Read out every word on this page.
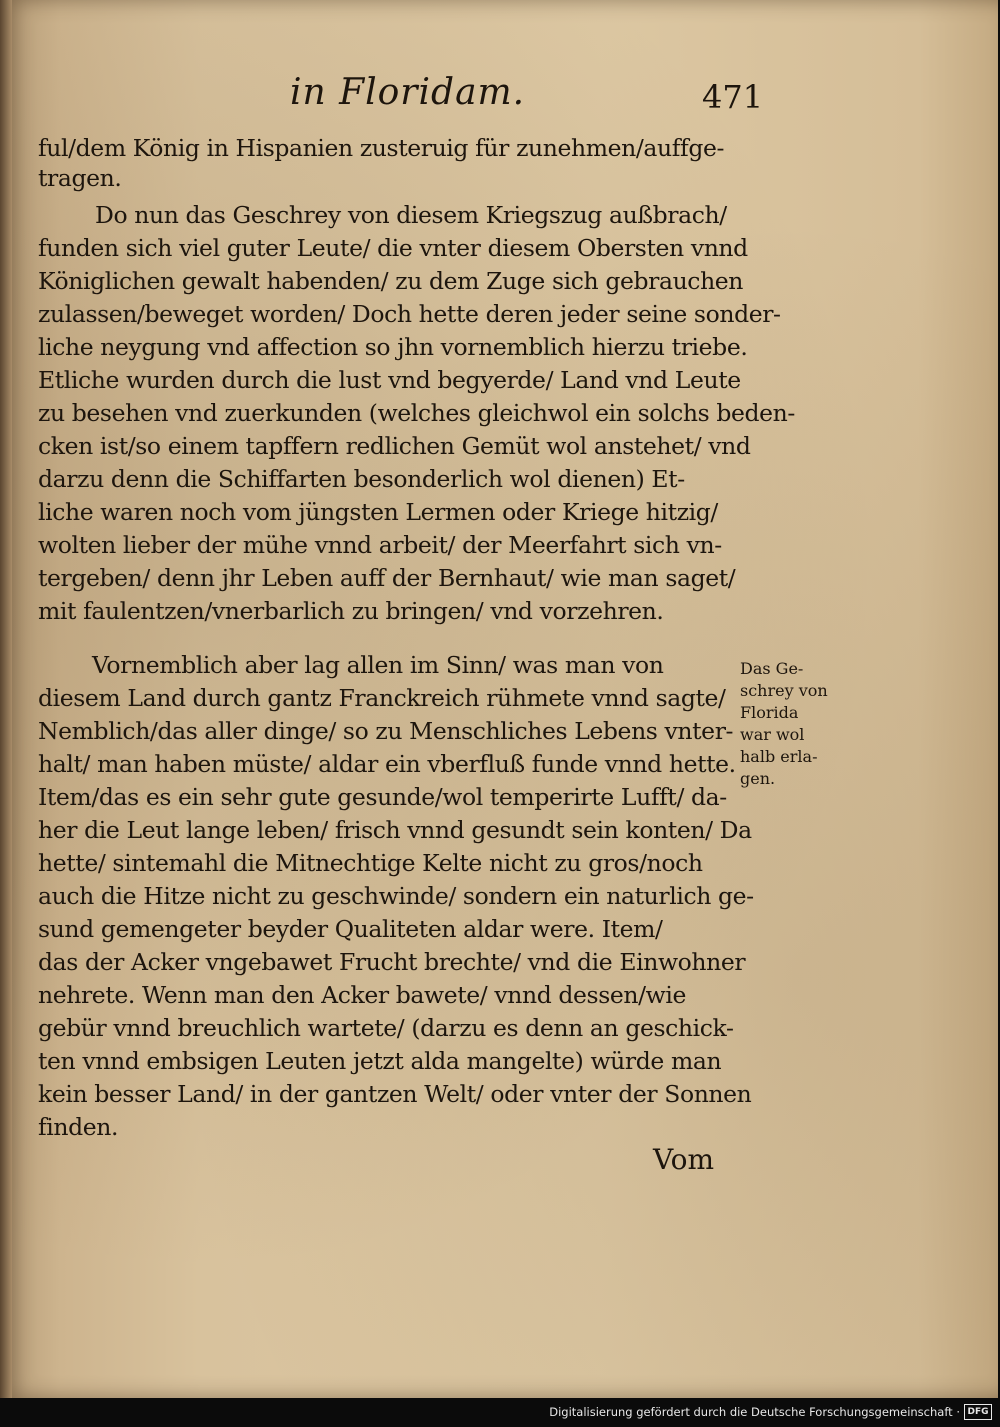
in Floridam.	471
ful/dem König in Hispanien zusteruig für zunehmen/auffge-
tragen.
Do nun das Geschrey von diesem Kriegszug außbrach/
funden sich viel guter Leute/ die vnter diesem Obersten vnnd
Königlichen gewalt habenden/ zu dem Zuge sich gebrauchen
zulassen/beweget worden/ Doch hette deren jeder seine sonder-
liche neygung vnd affection so jhn vornemblich hierzu triebe.
Etliche wurden durch die lust vnd begyerde/ Land vnd Leute
zu besehen vnd zuerkunden (welches gleichwol ein solchs beden-
cken ist/so einem tapffern redlichen Gemüt wol anstehet/ vnd
darzu denn die Schiffarten besonderlich wol dienen) Et-
liche waren noch vom jüngsten Lermen oder Kriege hitzig/
wolten lieber der mühe vnnd arbeit/ der Meerfahrt sich vn-
tergeben/ denn jhr Leben auff der Bernhaut/ wie man saget/
mit faulentzen/vnerbarlich zu bringen/ vnd vorzehren.
Vornemblich aber lag allen im Sinn/ was man von
diesem Land durch gantz Franckreich rühmete vnnd sagte/
Nemblich/das aller dinge/ so zu Menschliches Lebens vnter-
halt/ man haben müste/ aldar ein vberfluß funde vnnd hette.
Item/das es ein sehr gute gesunde/wol temperirte Lufft/ da-
her die Leut lange leben/ frisch vnnd gesundt sein konten/ Da
hette/ sintemahl die Mitnechtige Kelte nicht zu gros/noch
auch die Hitze nicht zu geschwinde/ sondern ein naturlich ge-
sund gemengeter beyder Qualiteten aldar were. Item/
das der Acker vngebawet Frucht brechte/ vnd die Einwohner
nehrete. Wenn man den Acker bawete/ vnnd dessen/wie
gebür vnnd breuchlich wartete/ (darzu es denn an geschick-
ten vnnd embsigen Leuten jetzt alda mangelte) würde man
kein besser Land/ in der gantzen Welt/ oder vnter der Sonnen
finden.
Das Ge-
schrey von
Florida
war wol
halb erla-
gen.
Vom
Digitalisierung gefördert durch die Deutsche Forschungsgemeinschaft · DFG
